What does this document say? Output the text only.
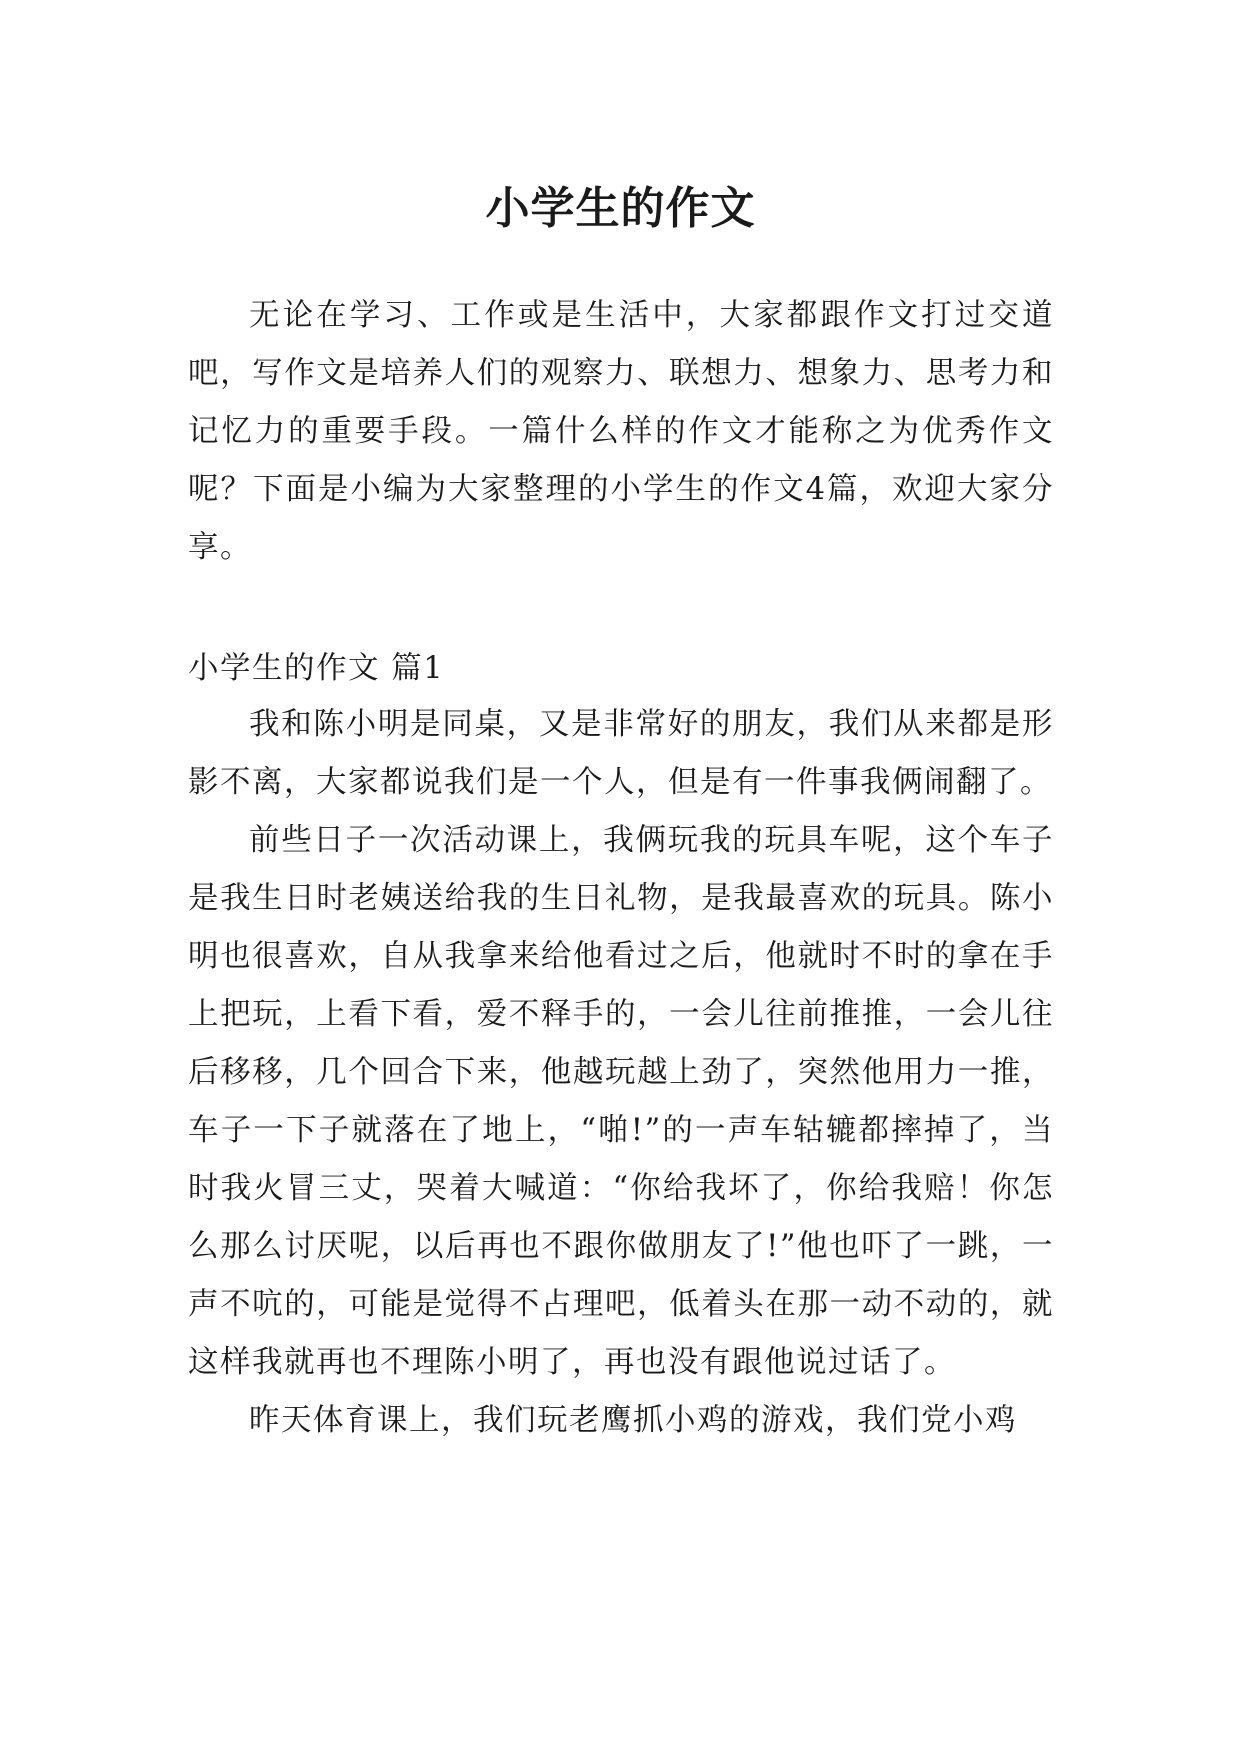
小学生的作文

无论在学习、工作或是生活中，大家都跟作文打过交道吧，写作文是培养人们的观察力、联想力、想象力、思考力和记忆力的重要手段。一篇什么样的作文才能称之为优秀作文呢？下面是小编为大家整理的小学生的作文4篇，欢迎大家分享。

小学生的作文 篇1

我和陈小明是同桌，又是非常好的朋友，我们从来都是形影不离，大家都说我们是一个人，但是有一件事我俩闹翻了。

前些日子一次活动课上，我俩玩我的玩具车呢，这个车子是我生日时老姨送给我的生日礼物，是我最喜欢的玩具。陈小明也很喜欢，自从我拿来给他看过之后，他就时不时的拿在手上把玩，上看下看，爱不释手的，一会儿往前推推，一会儿往后移移，几个回合下来，他越玩越上劲了，突然他用力一推，车子一下子就落在了地上，“啪!”的一声车轱辘都摔掉了，当时我火冒三丈，哭着大喊道：“你给我坏了，你给我赔！你怎么那么讨厌呢，以后再也不跟你做朋友了!”他也吓了一跳，一声不吭的，可能是觉得不占理吧，低着头在那一动不动的，就这样我就再也不理陈小明了，再也没有跟他说过话了。

昨天体育课上，我们玩老鹰抓小鸡的游戏，我们党小鸡
